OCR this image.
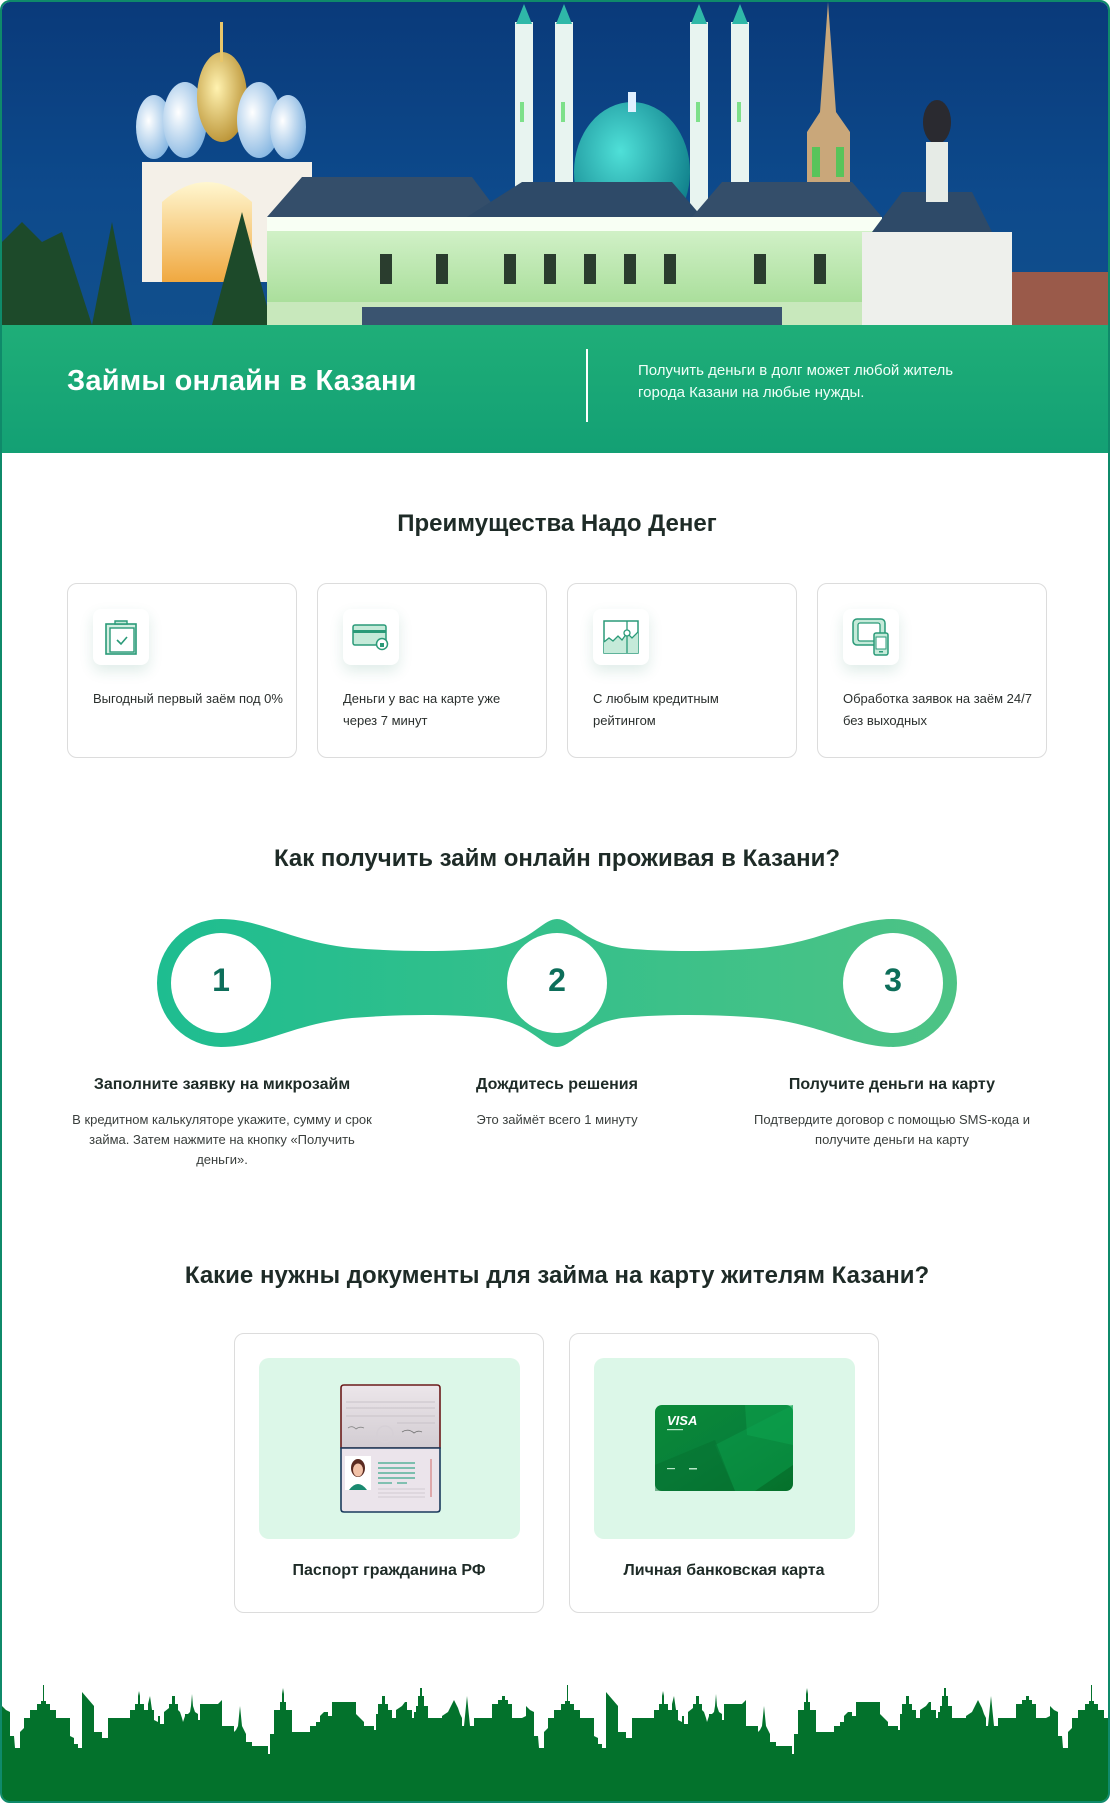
Займы онлайн в Казани	Получить деньги в долг может любой житель города Казани на любые нужды.

Преимущества Надо Денег
Выгодный первый заём под 0%	Деньги у вас на карте уже через 7 минут
С любым кредитным рейтингом
Обработка заявок на заём 24/7 без выходных
Как получить займ онлайн проживая в Казани?
1	2	3
Заполните заявку на микрозайм
В кредитном калькуляторе укажите, сумму и срок займа. Затем нажмите на кнопку «Получить деньги».
Дождитесь решения
Это займёт всего 1 минуту
Получите деньги на карту
Подтвердите договор с помощью SMS-кода и получите деньги на карту
Какие нужны документы для займа на карту жителям Казани?
Паспорт гражданина РФ
VISA
Личная банковская карта
